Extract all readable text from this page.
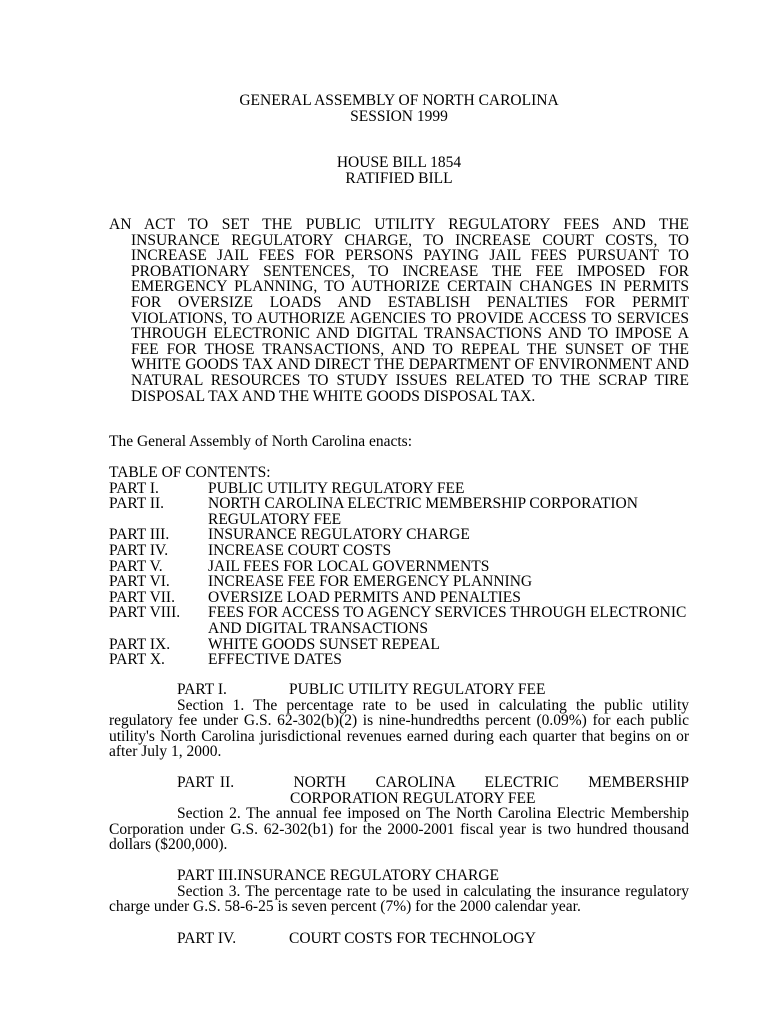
GENERAL ASSEMBLY OF NORTH CAROLINA
SESSION 1999
HOUSE BILL 1854
RATIFIED BILL
AN ACT TO SET THE PUBLIC UTILITY REGULATORY FEES AND THE
INSURANCE REGULATORY CHARGE, TO INCREASE COURT COSTS, TO INCREASE JAIL FEES FOR PERSONS PAYING JAIL FEES PURSUANT TO PROBATIONARY SENTENCES, TO INCREASE THE FEE IMPOSED FOR EMERGENCY PLANNING, TO AUTHORIZE CERTAIN CHANGES IN PERMITS FOR OVERSIZE LOADS AND ESTABLISH PENALTIES FOR PERMIT VIOLATIONS, TO AUTHORIZE AGENCIES TO PROVIDE ACCESS TO SERVICES THROUGH ELECTRONIC AND DIGITAL TRANSACTIONS AND TO IMPOSE A FEE FOR THOSE TRANSACTIONS, AND TO REPEAL THE SUNSET OF THE WHITE GOODS TAX AND DIRECT THE DEPARTMENT OF ENVIRONMENT AND NATURAL RESOURCES TO STUDY ISSUES RELATED TO THE SCRAP TIRE DISPOSAL TAX AND THE WHITE GOODS DISPOSAL TAX.
The General Assembly of North Carolina enacts:
TABLE OF CONTENTS:
PART I.	PUBLIC UTILITY REGULATORY FEE
PART II.	NORTH CAROLINA ELECTRIC MEMBERSHIP CORPORATION REGULATORY FEE
PART III.	INSURANCE REGULATORY CHARGE
PART IV.	INCREASE COURT COSTS
PART V.	JAIL FEES FOR LOCAL GOVERNMENTS
PART VI.	INCREASE FEE FOR EMERGENCY PLANNING
PART VII.	OVERSIZE LOAD PERMITS AND PENALTIES
PART VIII.	FEES FOR ACCESS TO AGENCY SERVICES THROUGH ELECTRONIC AND DIGITAL TRANSACTIONS
PART IX.	WHITE GOODS SUNSET REPEAL
PART X.	EFFECTIVE DATES
PART I.	PUBLIC UTILITY REGULATORY FEE
Section 1. The percentage rate to be used in calculating the public utility regulatory fee under G.S. 62-302(b)(2) is nine-hundredths percent (0.09%) for each public utility's North Carolina jurisdictional revenues earned during each quarter that begins on or after July 1, 2000.
PART II.          NORTH     CAROLINA     ELECTRIC     MEMBERSHIP
CORPORATION REGULATORY FEE
Section 2. The annual fee imposed on The North Carolina Electric Membership Corporation under G.S. 62-302(b1) for the 2000-2001 fiscal year is two hundred thousand dollars ($200,000).
PART III.INSURANCE REGULATORY CHARGE
Section 3. The percentage rate to be used in calculating the insurance regulatory charge under G.S. 58-6-25 is seven percent (7%) for the 2000 calendar year.
PART IV.	COURT COSTS FOR TECHNOLOGY
